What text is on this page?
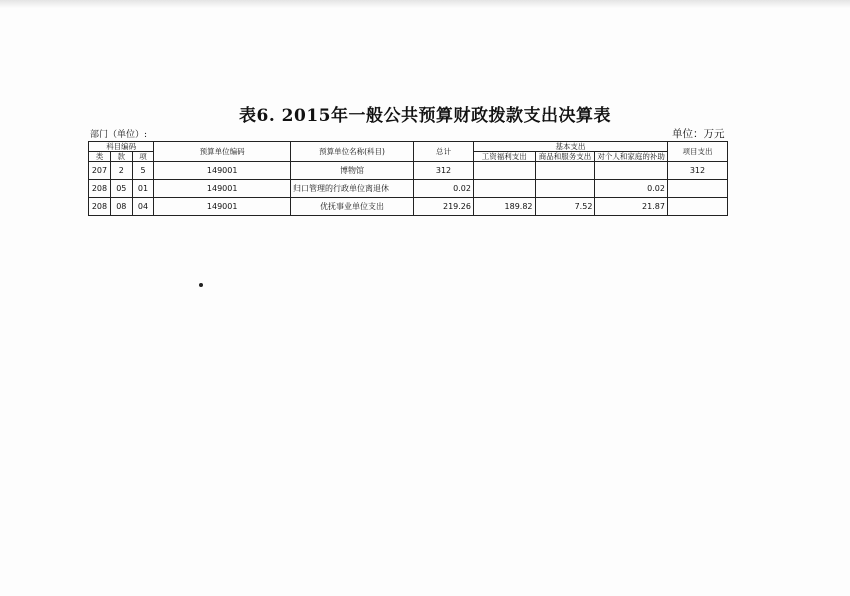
表6. 2015年一般公共预算财政拨款支出决算表
部门（单位）:	单位：万元
科目编码			预算单位编码	预算单位名称(科目)	总计	基本支出			项目支出
类	款	项				工资福利支出	商品和服务支出	对个人和家庭的补助	

207	2	5	149001	博物馆	312				312
208	05	01	149001	归口管理的行政单位离退休	0.02			0.02	
208	08	04	149001	优抚事业单位支出	219.26	189.82	7.52	21.87	
